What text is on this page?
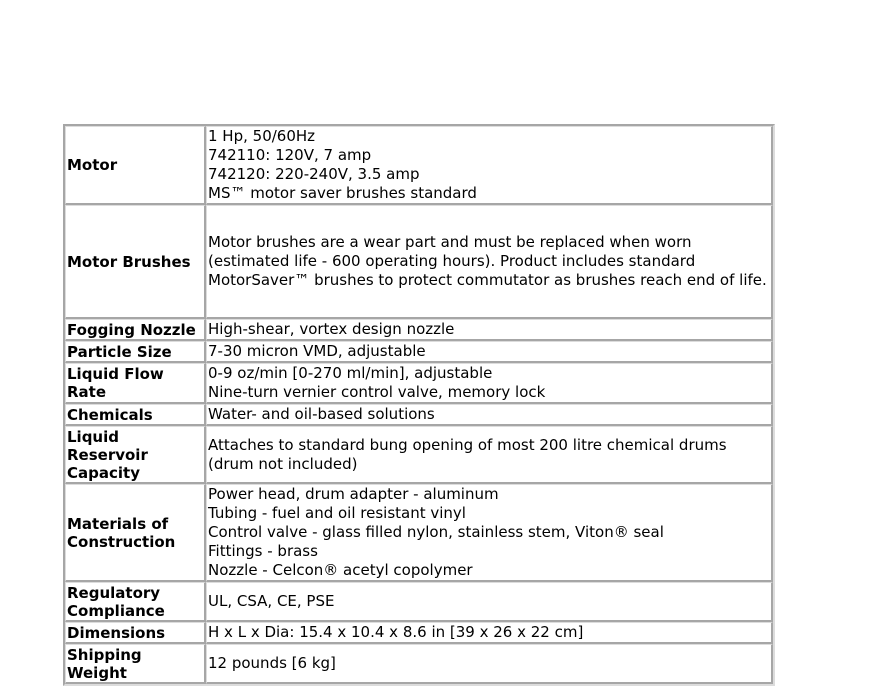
Motor	1 Hp, 50/60Hz
742110: 120V, 7 amp
742120: 220-240V, 3.5 amp
MS™ motor saver brushes standard

Motor Brushes	Motor brushes are a wear part and must be replaced when worn (estimated life - 600 operating hours). Product includes standard MotorSaver™ brushes to protect commutator as brushes reach end of life.

Fogging Nozzle	High-shear, vortex design nozzle

Particle Size	7-30 micron VMD, adjustable

Liquid Flow Rate	0-9 oz/min [0-270 ml/min], adjustable
Nine-turn vernier control valve, memory lock

Chemicals	Water- and oil-based solutions

Liquid Reservoir Capacity	Attaches to standard bung opening of most 200 litre chemical drums (drum not included)

Materials of Construction	Power head, drum adapter - aluminum
Tubing - fuel and oil resistant vinyl
Control valve - glass filled nylon, stainless stem, Viton® seal
Fittings - brass
Nozzle - Celcon® acetyl copolymer

Regulatory Compliance	UL, CSA, CE, PSE

Dimensions	H x L x Dia: 15.4 x 10.4 x 8.6 in [39 x 26 x 22 cm]

Shipping Weight	12 pounds [6 kg]
